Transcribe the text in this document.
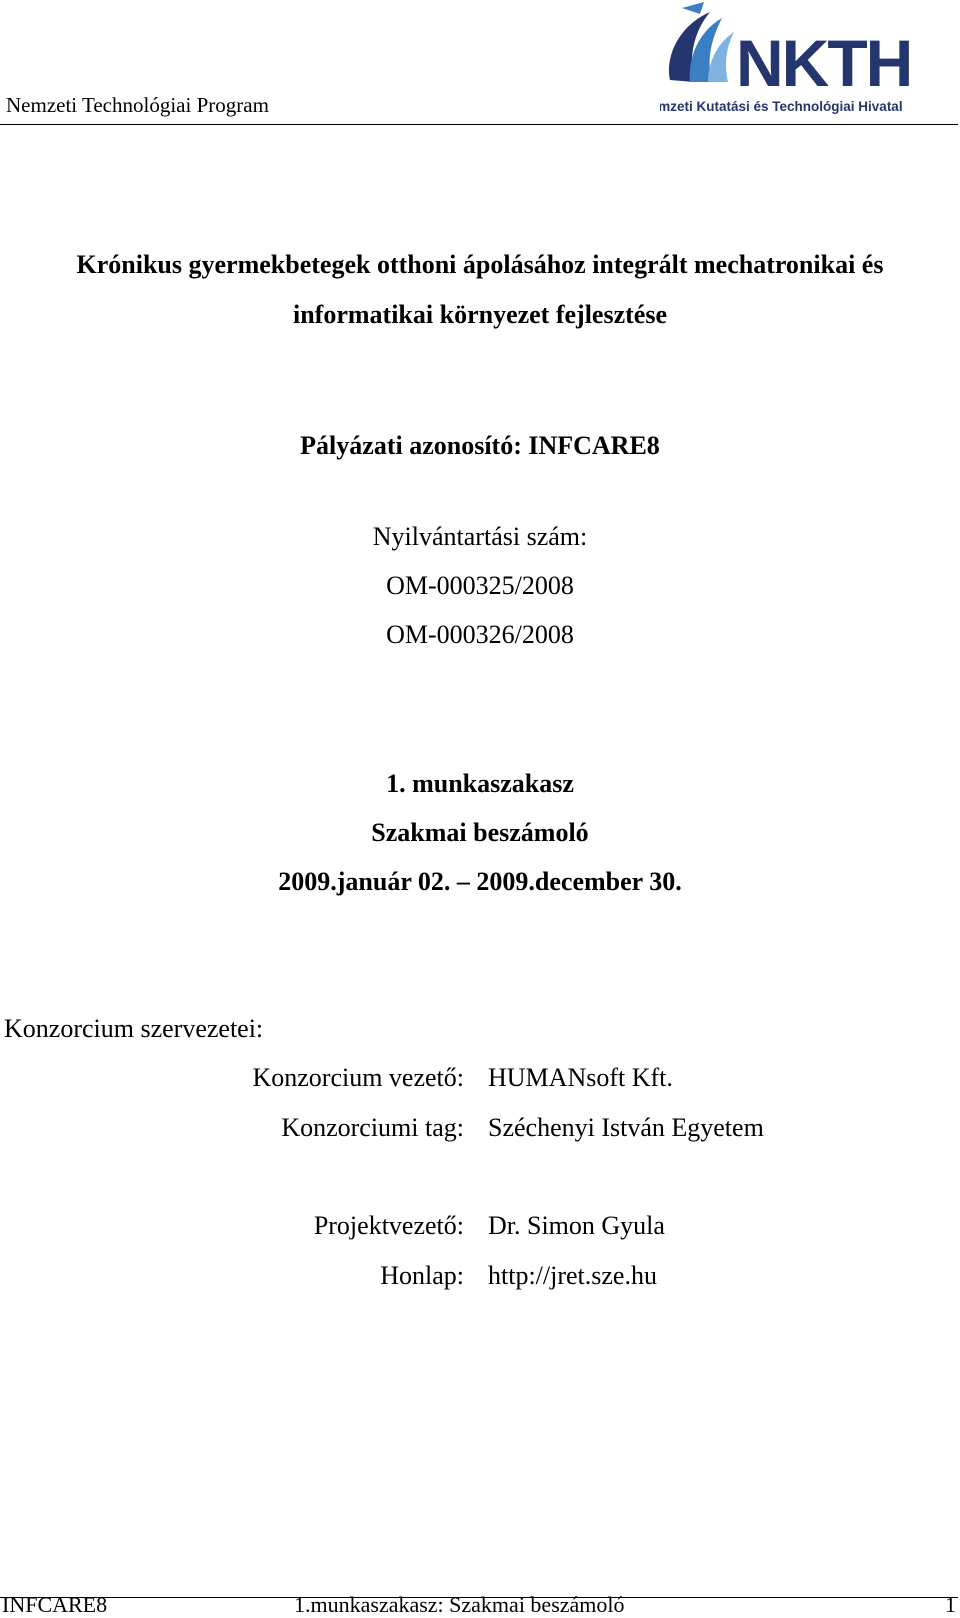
Nemzeti Technológiai Program
NKTH
Nemzeti Kutatási és Technológiai Hivatal
Krónikus gyermekbetegek otthoni ápolásához integrált mechatronikai és
informatikai környezet fejlesztése
Pályázati azonosító: INFCARE8
Nyilvántartási szám:
OM-000325/2008
OM-000326/2008
1. munkaszakasz
Szakmai beszámoló
2009.január 02. – 2009.december 30.
Konzorcium szervezetei:
Konzorcium vezető: HUMANsoft Kft.
Konzorciumi tag: Széchenyi István Egyetem
Projektvezető: Dr. Simon Gyula
Honlap: http://jret.sze.hu
INFCARE8	1.munkaszakasz: Szakmai beszámoló	1
